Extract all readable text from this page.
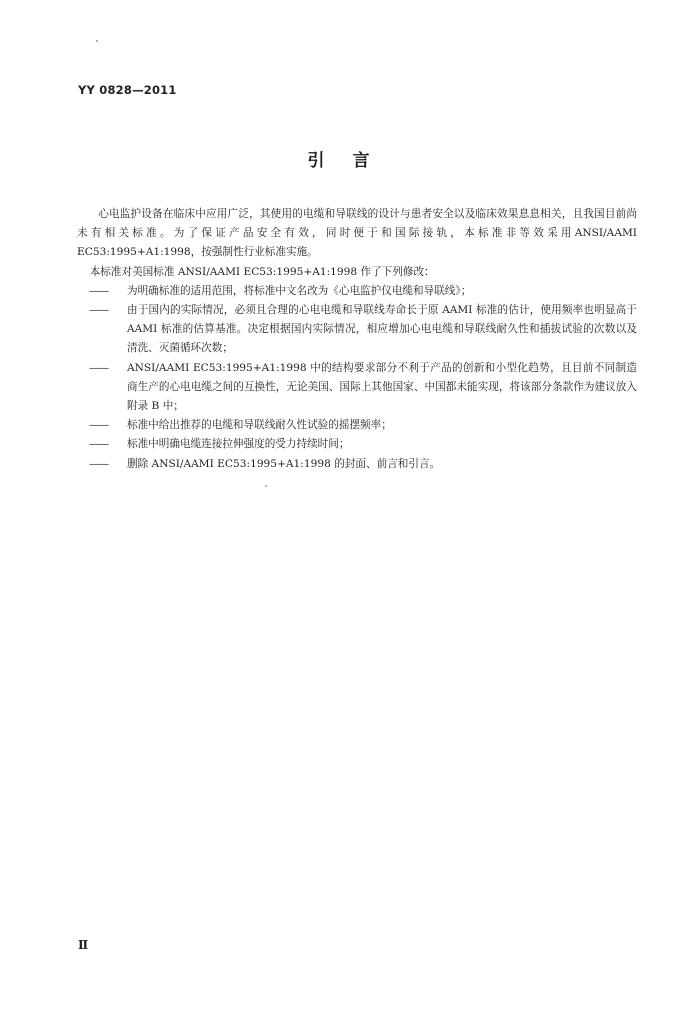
YY 0828—2011
引言

心电监护设备在临床中应用广泛，其使用的电缆和导联线的设计与患者安全以及临床效果息息相关，且我国目前尚未有相关标准。为了保证产品安全有效，同时便于和国际接轨，本标准非等效采用ANSI/AAMI EC53:1995+A1:1998，按强制性行业标准实施。

本标准对美国标准 ANSI/AAMI EC53:1995+A1:1998 作了下列修改：

——	为明确标准的适用范围，将标准中文名改为《心电监护仪电缆和导联线》；
——	由于国内的实际情况，必须且合理的心电电缆和导联线寿命长于原 AAMI 标准的估计，使用频率也明显高于 AAMI 标准的估算基准。决定根据国内实际情况，相应增加心电电缆和导联线耐久性和插拔试验的次数以及清洗、灭菌循环次数；
——	ANSI/AAMI EC53:1995+A1:1998 中的结构要求部分不利于产品的创新和小型化趋势，且目前不同制造商生产的心电电缆之间的互换性，无论美国、国际上其他国家、中国都未能实现，将该部分条款作为建议放入附录 B 中；
——	标准中给出推荐的电缆和导联线耐久性试验的摇摆频率；
——	标准中明确电缆连接拉伸强度的受力持续时间；
——	删除 ANSI/AAMI EC53:1995+A1:1998 的封面、前言和引言。
Ⅱ
